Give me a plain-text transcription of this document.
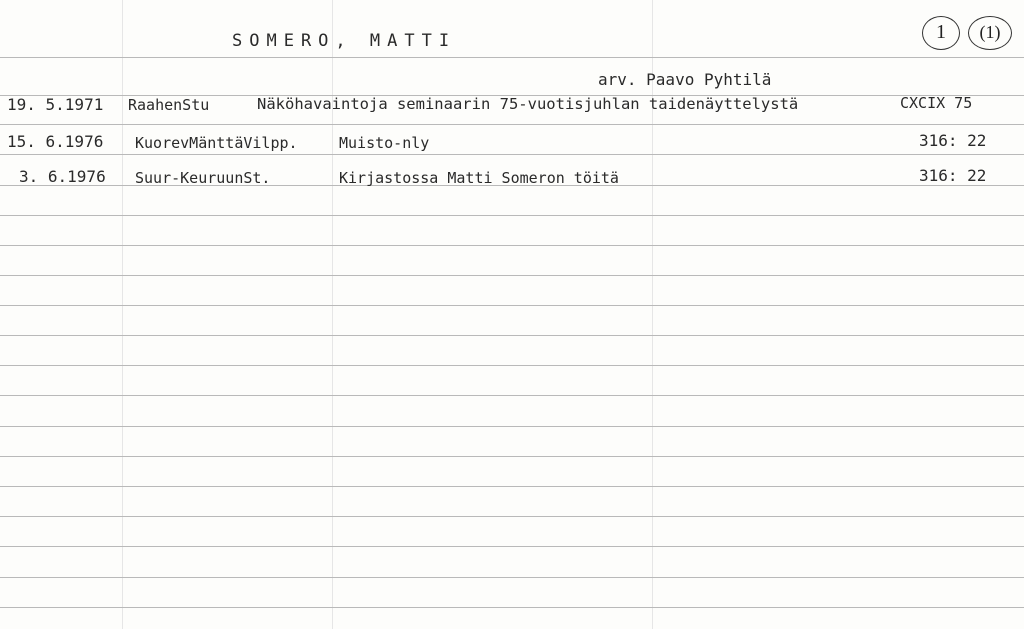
SOMERO, MATTI	1	(1)
arv. Paavo Pyhtilä
19. 5.1971 RaahenStu	Näköhavaintoja seminaarin 75-vuotisjuhlan taidenäyttelystä	CXCIX 75
15. 6.1976 KuorevMänttäVilpp.	Muisto-nly	316: 22
3. 6.1976 Suur-KeuruunSt.	Kirjastossa Matti Someron töitä	316: 22
